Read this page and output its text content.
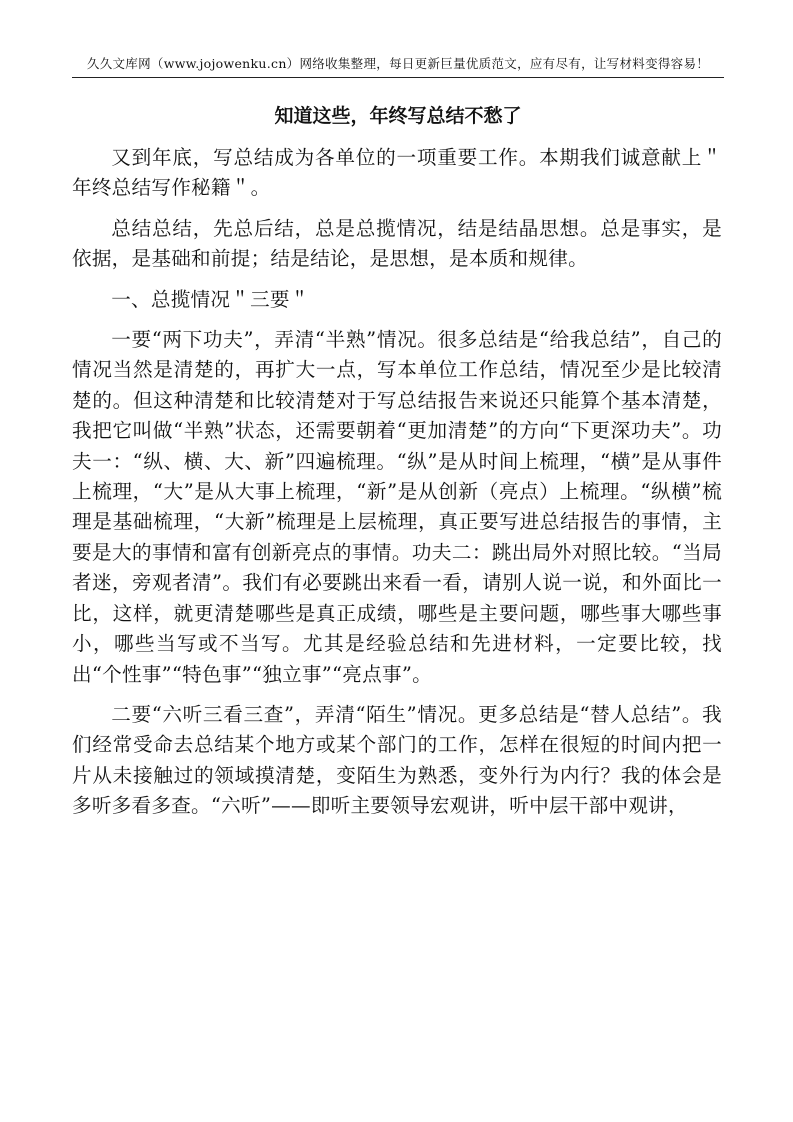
久久文库网（www.jojowenku.cn）网络收集整理，每日更新巨量优质范文，应有尽有，让写材料变得容易！
知道这些，年终写总结不愁了

又到年底，写总结成为各单位的一项重要工作。本期我们诚意献上＂年终总结写作秘籍＂。

总结总结，先总后结，总是总揽情况，结是结晶思想。总是事实，是依据，是基础和前提；结是结论，是思想，是本质和规律。

一、总揽情况＂三要＂

一要“两下功夫”，弄清“半熟”情况。很多总结是“给我总结”，自己的情况当然是清楚的，再扩大一点，写本单位工作总结，情况至少是比较清楚的。但这种清楚和比较清楚对于写总结报告来说还只能算个基本清楚，我把它叫做“半熟”状态，还需要朝着“更加清楚”的方向“下更深功夫”。功夫一：“纵、横、大、新”四遍梳理。“纵”是从时间上梳理，“横”是从事件上梳理，“大”是从大事上梳理，“新”是从创新（亮点）上梳理。“纵横”梳理是基础梳理，“大新”梳理是上层梳理，真正要写进总结报告的事情，主要是大的事情和富有创新亮点的事情。功夫二：跳出局外对照比较。“当局者迷，旁观者清”。我们有必要跳出来看一看，请别人说一说，和外面比一比，这样，就更清楚哪些是真正成绩，哪些是主要问题，哪些事大哪些事小，哪些当写或不当写。尤其是经验总结和先进材料，一定要比较，找出“个性事”“特色事”“独立事”“亮点事”。

二要“六听三看三查”，弄清“陌生”情况。更多总结是“替人总结”。我们经常受命去总结某个地方或某个部门的工作，怎样在很短的时间内把一片从未接触过的领域摸清楚，变陌生为熟悉，变外行为内行？我的体会是多听多看多查。“六听”——即听主要领导宏观讲，听中层干部中观讲，
